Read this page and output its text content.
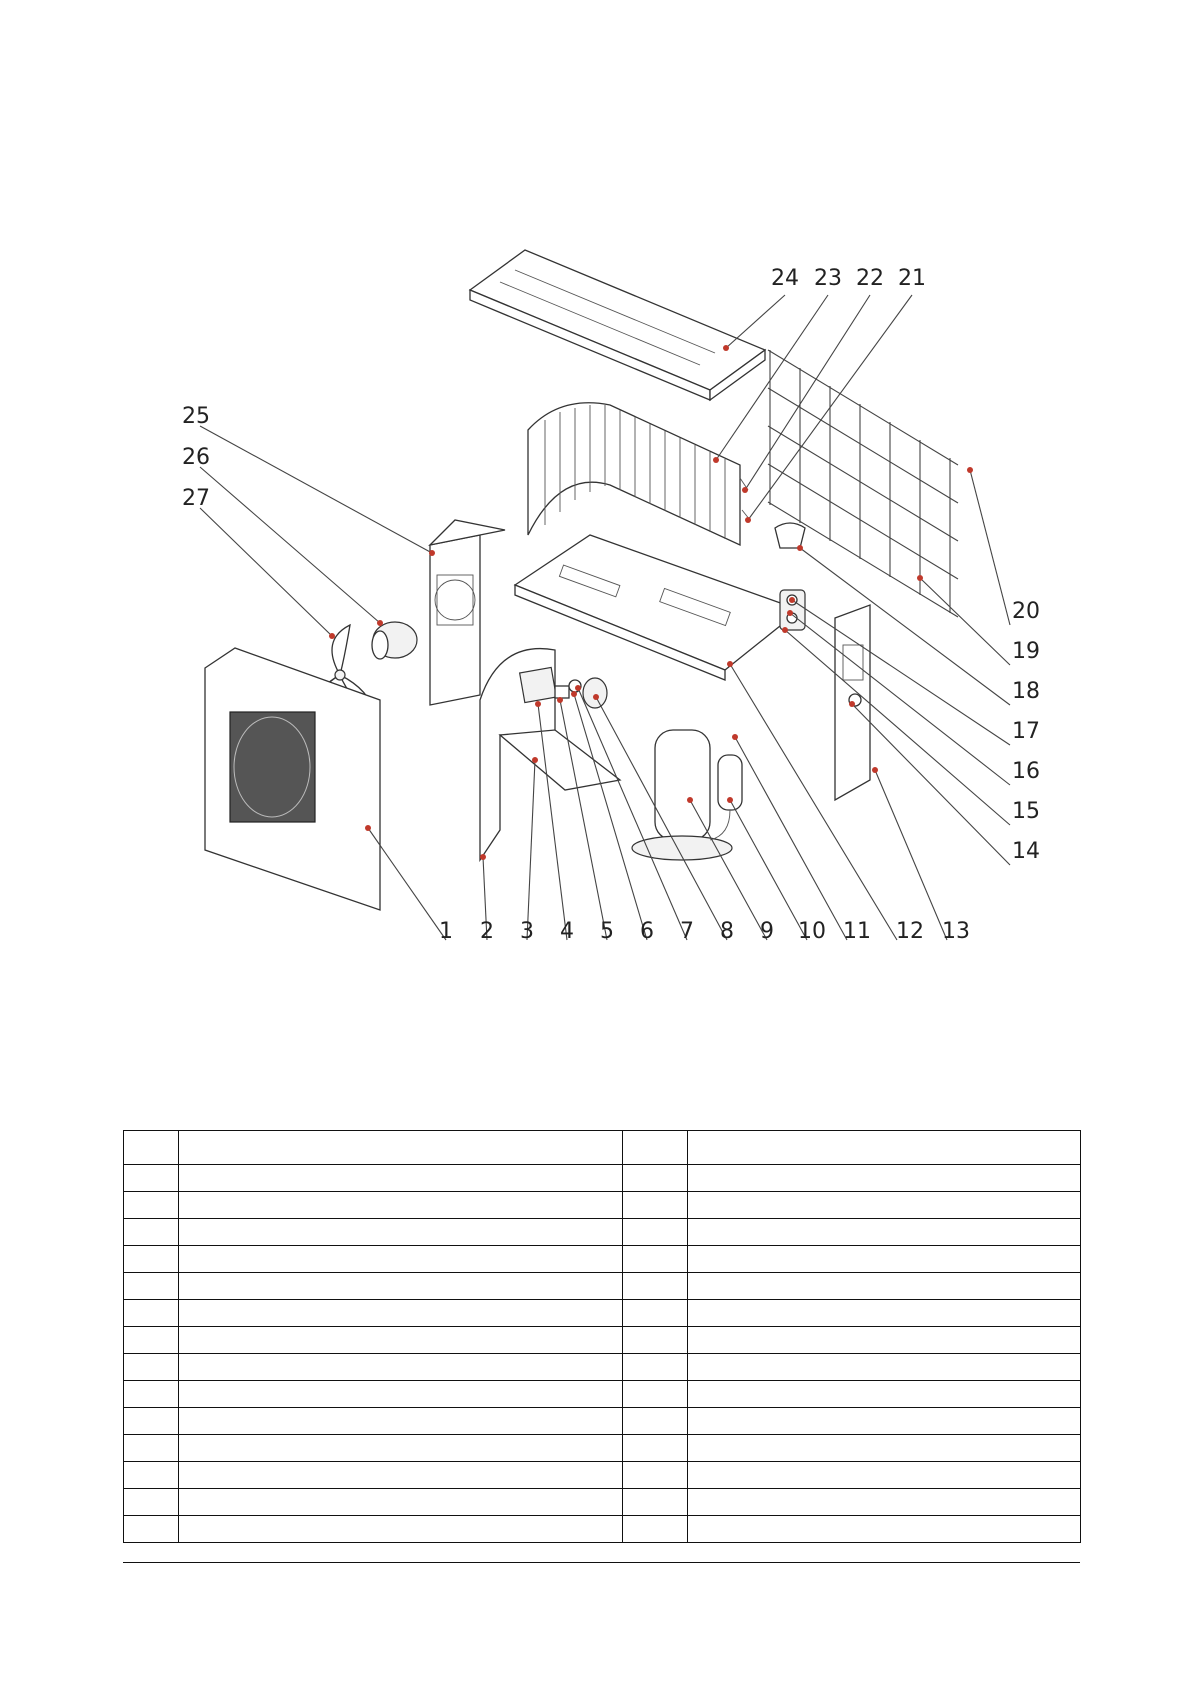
1 2 3 4 5 6 7 8 9 10 11 12 13
14
15
16
17
18
19
20
21
22
23
24
25
26
27
